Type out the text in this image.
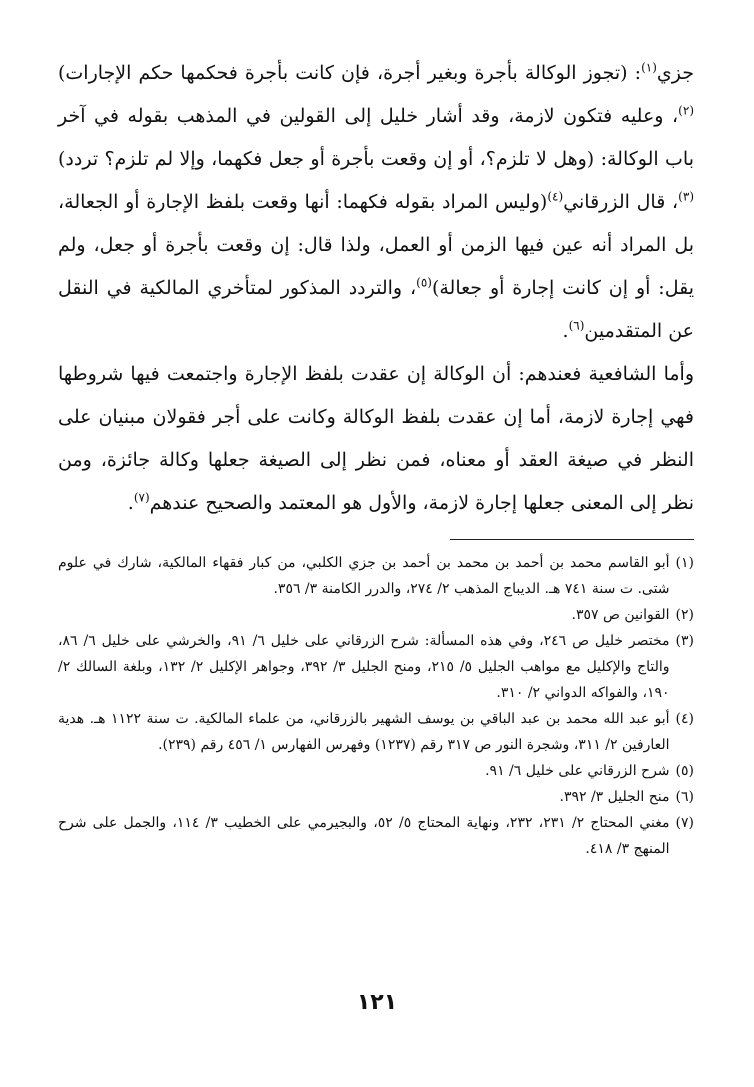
جزي$^{(١)}$: (تجوز الوكالة بأجرة وبغير أجرة، فإن كانت بأجرة فحكمها حكم الإجارات)$^{(٢)}$، وعليه فتكون لازمة، وقد أشار خليل إلى القولين في المذهب بقوله في آخر باب الوكالة: (وهل لا تلزم؟، أو إن وقعت بأجرة أو جعل فكهما، وإلا لم تلزم؟ تردد)$^{(٣)}$، قال الزرقاني$^{(٤)}$(وليس المراد بقوله فكهما: أنها وقعت بلفظ الإجارة أو الجعالة، بل المراد أنه عين فيها الزمن أو العمل، ولذا قال: إن وقعت بأجرة أو جعل، ولم يقل: أو إن كانت إجارة أو جعالة)$^{(٥)}$، والتردد المذكور لمتأخري المالكية في النقل عن المتقدمين$^{(٦)}$.

وأما الشافعية فعندهم: أن الوكالة إن عقدت بلفظ الإجارة واجتمعت فيها شروطها فهي إجارة لازمة، أما إن عقدت بلفظ الوكالة وكانت على أجر فقولان مبنيان على النظر في صيغة العقد أو معناه، فمن نظر إلى الصيغة جعلها وكالة جائزة، ومن نظر إلى المعنى جعلها إجارة لازمة، والأول هو المعتمد والصحيح عندهم$^{(٧)}$.

(١)
أبو القاسم محمد بن أحمد بن محمد بن أحمد بن جزي الكلبي، من كبار فقهاء المالكية، شارك في علوم شتى. ت سنة ٧٤١ هـ. الديباج المذهب ٢/ ٢٧٤، والدرر الكامنة ٣/ ٣٥٦.
(٢)
القوانين ص ٣٥٧.
(٣)
مختصر خليل ص ٢٤٦، وفي هذه المسألة: شرح الزرقاني على خليل ٦/ ٩١، والخرشي على خليل ٦/ ٨٦، والتاج والإكليل مع مواهب الجليل ٥/ ٢١٥، ومنح الجليل ٣/ ٣٩٢، وجواهر الإكليل ٢/ ١٣٢، وبلغة السالك ٢/ ١٩٠، والفواكه الدواني ٢/ ٣١٠.
(٤)
أبو عبد الله محمد بن عبد الباقي بن يوسف الشهير بالزرقاني، من علماء المالكية. ت سنة ١١٢٢ هـ. هدية العارفين ٢/ ٣١١، وشجرة النور ص ٣١٧ رقم (١٢٣٧) وفهرس الفهارس ١/ ٤٥٦ رقم (٢٣٩).
(٥)
شرح الزرقاني على خليل ٦/ ٩١.
(٦)
منح الجليل ٣/ ٣٩٢.
(٧)
مغني المحتاج ٢/ ٢٣١، ٢٣٢، ونهاية المحتاج ٥/ ٥٢، والبجيرمي على الخطيب ٣/ ١١٤، والجمل على شرح المنهج ٣/ ٤١٨.
١٢١
